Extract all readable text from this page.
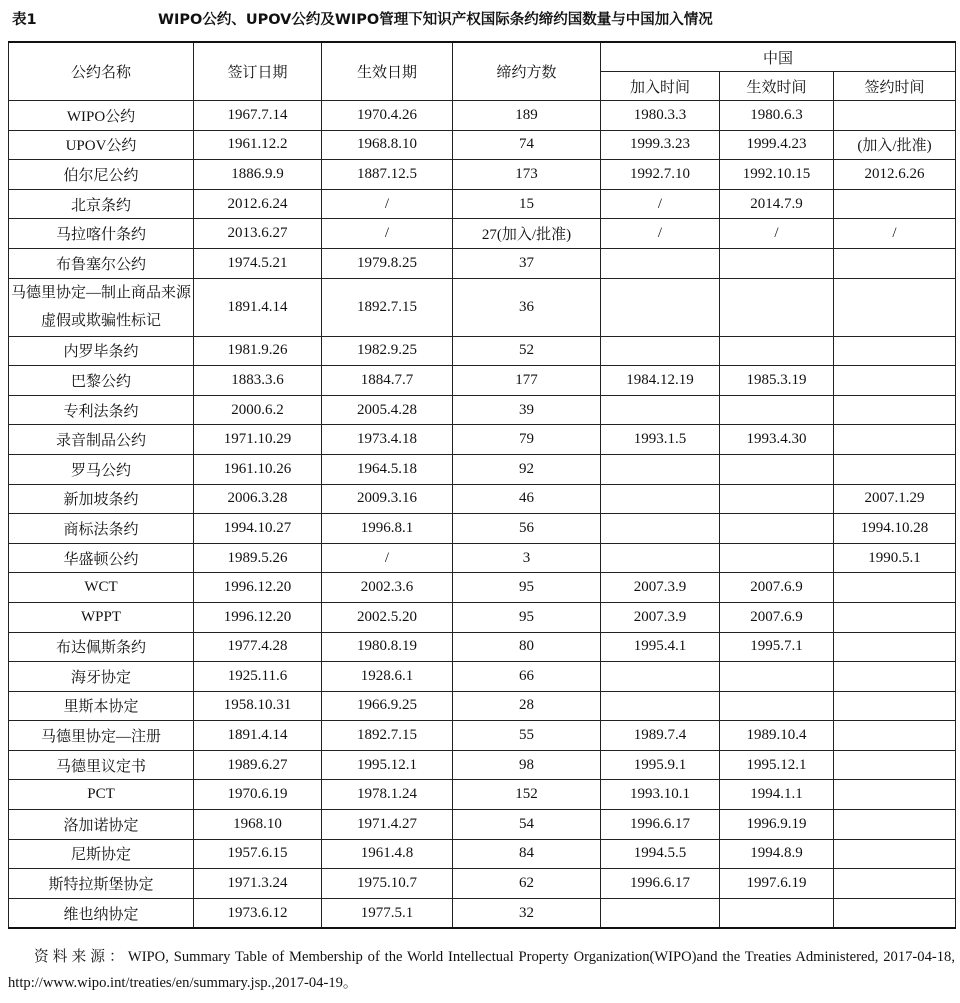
表1	WIPO公约、UPOV公约及WIPO管理下知识产权国际条约缔约国数量与中国加入情况
公约名称	签订日期	生效日期	缔约方数	中国		
				加入时间	生效时间	签约时间
WIPO公约	1967.7.14	1970.4.26	189	1980.3.3	1980.6.3	
UPOV公约	1961.12.2	1968.8.10	74	1999.3.23	1999.4.23	(加入/批准)
伯尔尼公约	1886.9.9	1887.12.5	173	1992.7.10	1992.10.15	2012.6.26
北京条约	2012.6.24	/	15	/	2014.7.9	
马拉喀什条约	2013.6.27	/	27(加入/批准)	/	/	/
布鲁塞尔公约	1974.5.21	1979.8.25	37			
马德里协定—制止商品来源虚假或欺骗性标记	1891.4.14	1892.7.15	36			
内罗毕条约	1981.9.26	1982.9.25	52			
巴黎公约	1883.3.6	1884.7.7	177	1984.12.19	1985.3.19	
专利法条约	2000.6.2	2005.4.28	39			
录音制品公约	1971.10.29	1973.4.18	79	1993.1.5	1993.4.30	
罗马公约	1961.10.26	1964.5.18	92			
新加坡条约	2006.3.28	2009.3.16	46			2007.1.29
商标法条约	1994.10.27	1996.8.1	56			1994.10.28
华盛顿公约	1989.5.26	/	3			1990.5.1
WCT	1996.12.20	2002.3.6	95	2007.3.9	2007.6.9	
WPPT	1996.12.20	2002.5.20	95	2007.3.9	2007.6.9	
布达佩斯条约	1977.4.28	1980.8.19	80	1995.4.1	1995.7.1	
海牙协定	1925.11.6	1928.6.1	66			
里斯本协定	1958.10.31	1966.9.25	28			
马德里协定—注册	1891.4.14	1892.7.15	55	1989.7.4	1989.10.4	
马德里议定书	1989.6.27	1995.12.1	98	1995.9.1	1995.12.1	
PCT	1970.6.19	1978.1.24	152	1993.10.1	1994.1.1	
洛加诺协定	1968.10	1971.4.27	54	1996.6.17	1996.9.19	
尼斯协定	1957.6.15	1961.4.8	84	1994.5.5	1994.8.9	
斯特拉斯堡协定	1971.3.24	1975.10.7	62	1996.6.17	1997.6.19	
维也纳协定	1973.6.12	1977.5.1	32			
资料来源：WIPO, Summary Table of Membership of the World Intellectual Property Organization(WIPO)and the Treaties Administered, 2017-04-18, http://www.wipo.int/treaties/en/summary.jsp.,2017-04-19。
